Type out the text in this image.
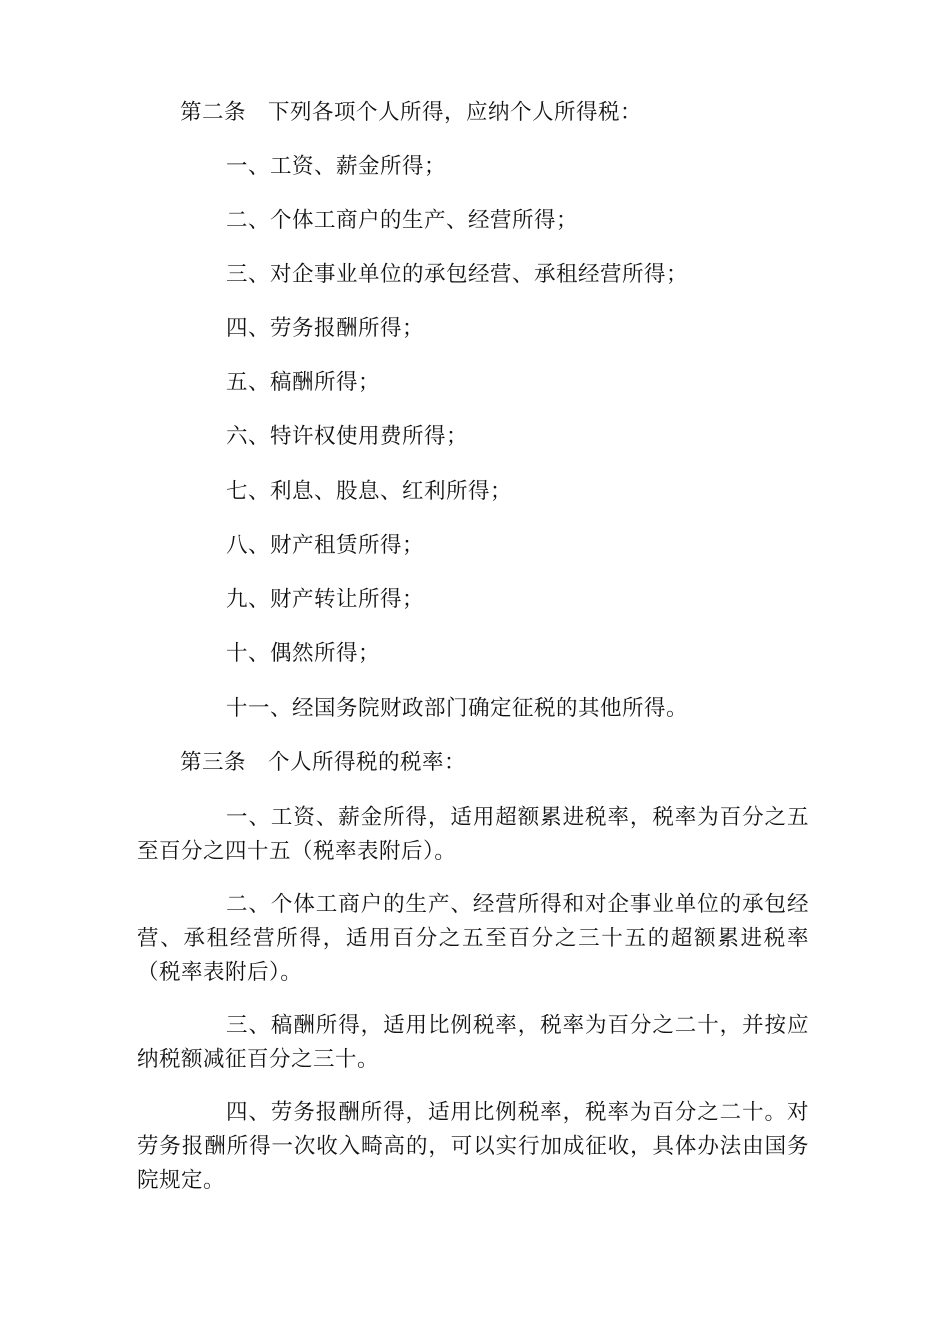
第二条　下列各项个人所得，应纳个人所得税：
一、工资、薪金所得；
二、个体工商户的生产、经营所得；
三、对企事业单位的承包经营、承租经营所得；
四、劳务报酬所得；
五、稿酬所得；
六、特许权使用费所得；
七、利息、股息、红利所得；
八、财产租赁所得；
九、财产转让所得；
十、偶然所得；
十一、经国务院财政部门确定征税的其他所得。
第三条　个人所得税的税率：
一、工资、薪金所得，适用超额累进税率，税率为百分之五至百分之四十五（税率表附后）。
二、个体工商户的生产、经营所得和对企事业单位的承包经营、承租经营所得，适用百分之五至百分之三十五的超额累进税率（税率表附后）。
三、稿酬所得，适用比例税率，税率为百分之二十，并按应纳税额减征百分之三十。
四、劳务报酬所得，适用比例税率，税率为百分之二十。对劳务报酬所得一次收入畸高的，可以实行加成征收，具体办法由国务院规定。
